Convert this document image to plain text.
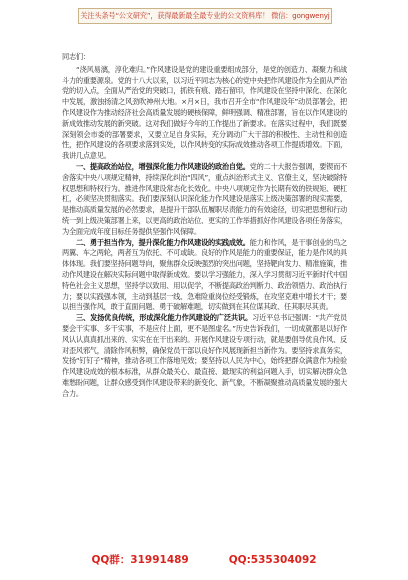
关注头条号“公文研究”，获得最新最全最专业的公文资料库！ 微信：gongwenyj

同志们：

“浇风易漓，淳化难归。”作风建设是党的建设重要组成部分，是党的创造力、凝聚力和战斗力的重要源泉。党的十八大以来，以习近平同志为核心的党中央把作风建设作为全面从严治党的切入点，全面从严治党的突破口，抓铁有痕、踏石留印，作风建设在坚持中深化、在深化中发展，激浊扬清之风劲吹神州大地。×月×日，我市召开全市“作风建设年”动员部署会，把作风建设作为推动经济社会高质量发展的硬核保障，鲜明强调、精准部署，旨在以作风建设的新成效推动发展的新突破。这对我们做好今年的工作提出了新要求。在落实过程中，我们既要深刻领会市委的部署要求，又要立足自身实际，充分调动广大干部的积极性、主动性和创造性，把作风建设的各项要求落到实处，以作风转变的实际成效推动各项工作提质增效。下面，我讲几点意见。

一、提高政治站位，增强深化能力作风建设的政治自觉。党的二十大报告强调，要锲而不舍落实中央八项规定精神，持续深化纠治“四风”，重点纠治形式主义、官僚主义，坚决破除特权思想和特权行为。推进作风建设常态化长效化。中央八项规定作为长期有效的铁规矩、硬杠杠，必须坚决贯彻落实。我们要深刻认识深化能力作风建设是落实上级决策部署的现实需要，是推动高质量发展的必然要求，是提升干部队伍履职尽责能力的有效途径，切实把思想和行动统一到上级决策部署上来，以更高的政治站位、更实的工作举措抓好作风建设各项任务落实，为全面完成年度目标任务提供坚强作风保障。

二、勇于担当作为，提升深化能力作风建设的实践成效。能力和作风，是干事创业的鸟之两翼、车之两轮，两者互为依托、不可或缺。良好的作风是能力的重要保证，能力是作风的具体体现。我们要坚持问题导向，聚焦群众反映强烈的突出问题，坚持靶向发力、精准施策，推动作风建设在解决实际问题中取得新成效。要以学习强能力，深入学习贯彻习近平新时代中国特色社会主义思想，坚持学以致用、用以促学，不断提高政治判断力、政治领悟力、政治执行力；要以实践强本领，主动到基层一线、急难险重岗位经受锻炼，在攻坚克难中增长才干；要以担当强作风，敢于直面问题、勇于破解难题，切实做到在其位谋其政、任其职尽其责。

三、发扬优良传统，形成深化能力作风建设的广泛共识。习近平总书记强调：“共产党员要会干实事、多干实事，不是应付上面，更不是图虚名。”历史告诉我们，一切成就都是以好作风认认真真抓出来的、实实在在干出来的。开展作风建设专项行动，就是要倡导优良作风、反对歪风邪气，清除作风积弊，确保党员干部以良好作风展现新担当新作为。要坚持求真务实，发扬“钉钉子”精神，推动各项工作落地见效；要坚持以人民为中心，始终把群众满意作为检验作风建设成效的根本标准，从群众最关心、最直接、最现实的利益问题入手，切实解决群众急难愁盼问题，让群众感受到作风建设带来的新变化、新气象，不断凝聚推动高质量发展的强大合力。

QQ群：31991489	QQ:535304092
